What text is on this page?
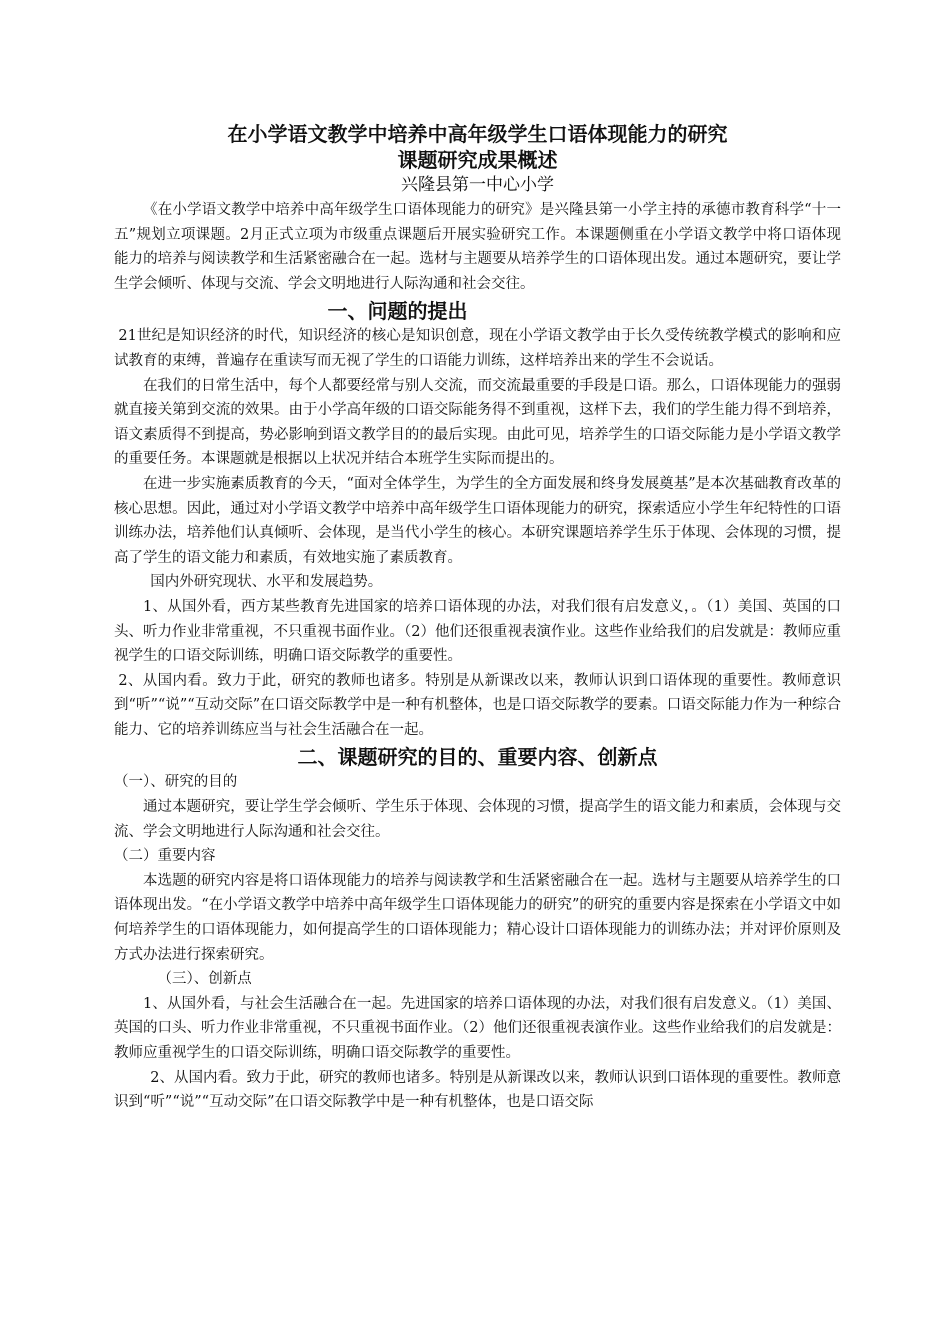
在小学语文教学中培养中高年级学生口语体现能力的研究

课题研究成果概述

兴隆县第一中心小学

《在小学语文教学中培养中高年级学生口语体现能力的研究》是兴隆县第一小学主持的承德市教育科学“十一五”规划立项课题。2月正式立项为市级重点课题后开展实验研究工作。本课题侧重在小学语文教学中将口语体现能力的培养与阅读教学和生活紧密融合在一起。选材与主题要从培养学生的口语体现出发。通过本题研究，要让学生学会倾听、体现与交流、学会文明地进行人际沟通和社会交往。

一、问题的提出

21世纪是知识经济的时代，知识经济的核心是知识创意，现在小学语文教学由于长久受传统教学模式的影响和应试教育的束缚，普遍存在重读写而无视了学生的口语能力训练，这样培养出来的学生不会说话。

在我们的日常生活中，每个人都要经常与别人交流，而交流最重要的手段是口语。那么，口语体现能力的强弱就直接关第到交流的效果。由于小学高年级的口语交际能务得不到重视，这样下去，我们的学生能力得不到培养，语文素质得不到提高，势必影响到语文教学目的的最后实现。由此可见，培养学生的口语交际能力是小学语文教学的重要任务。本课题就是根据以上状况并结合本班学生实际而提出的。

在进一步实施素质教育的今天，“面对全体学生，为学生的全方面发展和终身发展奠基”是本次基础教育改革的核心思想。因此，通过对小学语文教学中培养中高年级学生口语体现能力的研究，探索适应小学生年纪特性的口语训练办法，培养他们认真倾听、会体现，是当代小学生的核心。本研究课题培养学生乐于体现、会体现的习惯，提高了学生的语文能力和素质，有效地实施了素质教育。

国内外研究现状、水平和发展趋势。

1、从国外看，西方某些教育先进国家的培养口语体现的办法，对我们很有启发意义，。（1）美国、英国的口头、听力作业非常重视，不只重视书面作业。（2）他们还很重视表演作业。这些作业给我们的启发就是：教师应重视学生的口语交际训练，明确口语交际教学的重要性。

2、从国内看。致力于此，研究的教师也诸多。特别是从新课改以来，教师认识到口语体现的重要性。教师意识到“听”“说”“互动交际”在口语交际教学中是一种有机整体，也是口语交际教学的要素。口语交际能力作为一种综合能力、它的培养训练应当与社会生活融合在一起。

二、课题研究的目的、重要内容、创新点

（一）、研究的目的

通过本题研究，要让学生学会倾听、学生乐于体现、会体现的习惯，提高学生的语文能力和素质，会体现与交流、学会文明地进行人际沟通和社会交往。

（二）重要内容

本选题的研究内容是将口语体现能力的培养与阅读教学和生活紧密融合在一起。选材与主题要从培养学生的口语体现出发。“在小学语文教学中培养中高年级学生口语体现能力的研究”的研究的重要内容是探索在小学语文中如何培养学生的口语体现能力，如何提高学生的口语体现能力；精心设计口语体现能力的训练办法；并对评价原则及方式办法进行探索研究。

（三）、创新点

1、从国外看，与社会生活融合在一起。先进国家的培养口语体现的办法，对我们很有启发意义。（1）美国、英国的口头、听力作业非常重视，不只重视书面作业。（2）他们还很重视表演作业。这些作业给我们的启发就是：教师应重视学生的口语交际训练，明确口语交际教学的重要性。

2、从国内看。致力于此，研究的教师也诸多。特别是从新课改以来，教师认识到口语体现的重要性。教师意识到“听”“说”“互动交际”在口语交际教学中是一种有机整体，也是口语交际
